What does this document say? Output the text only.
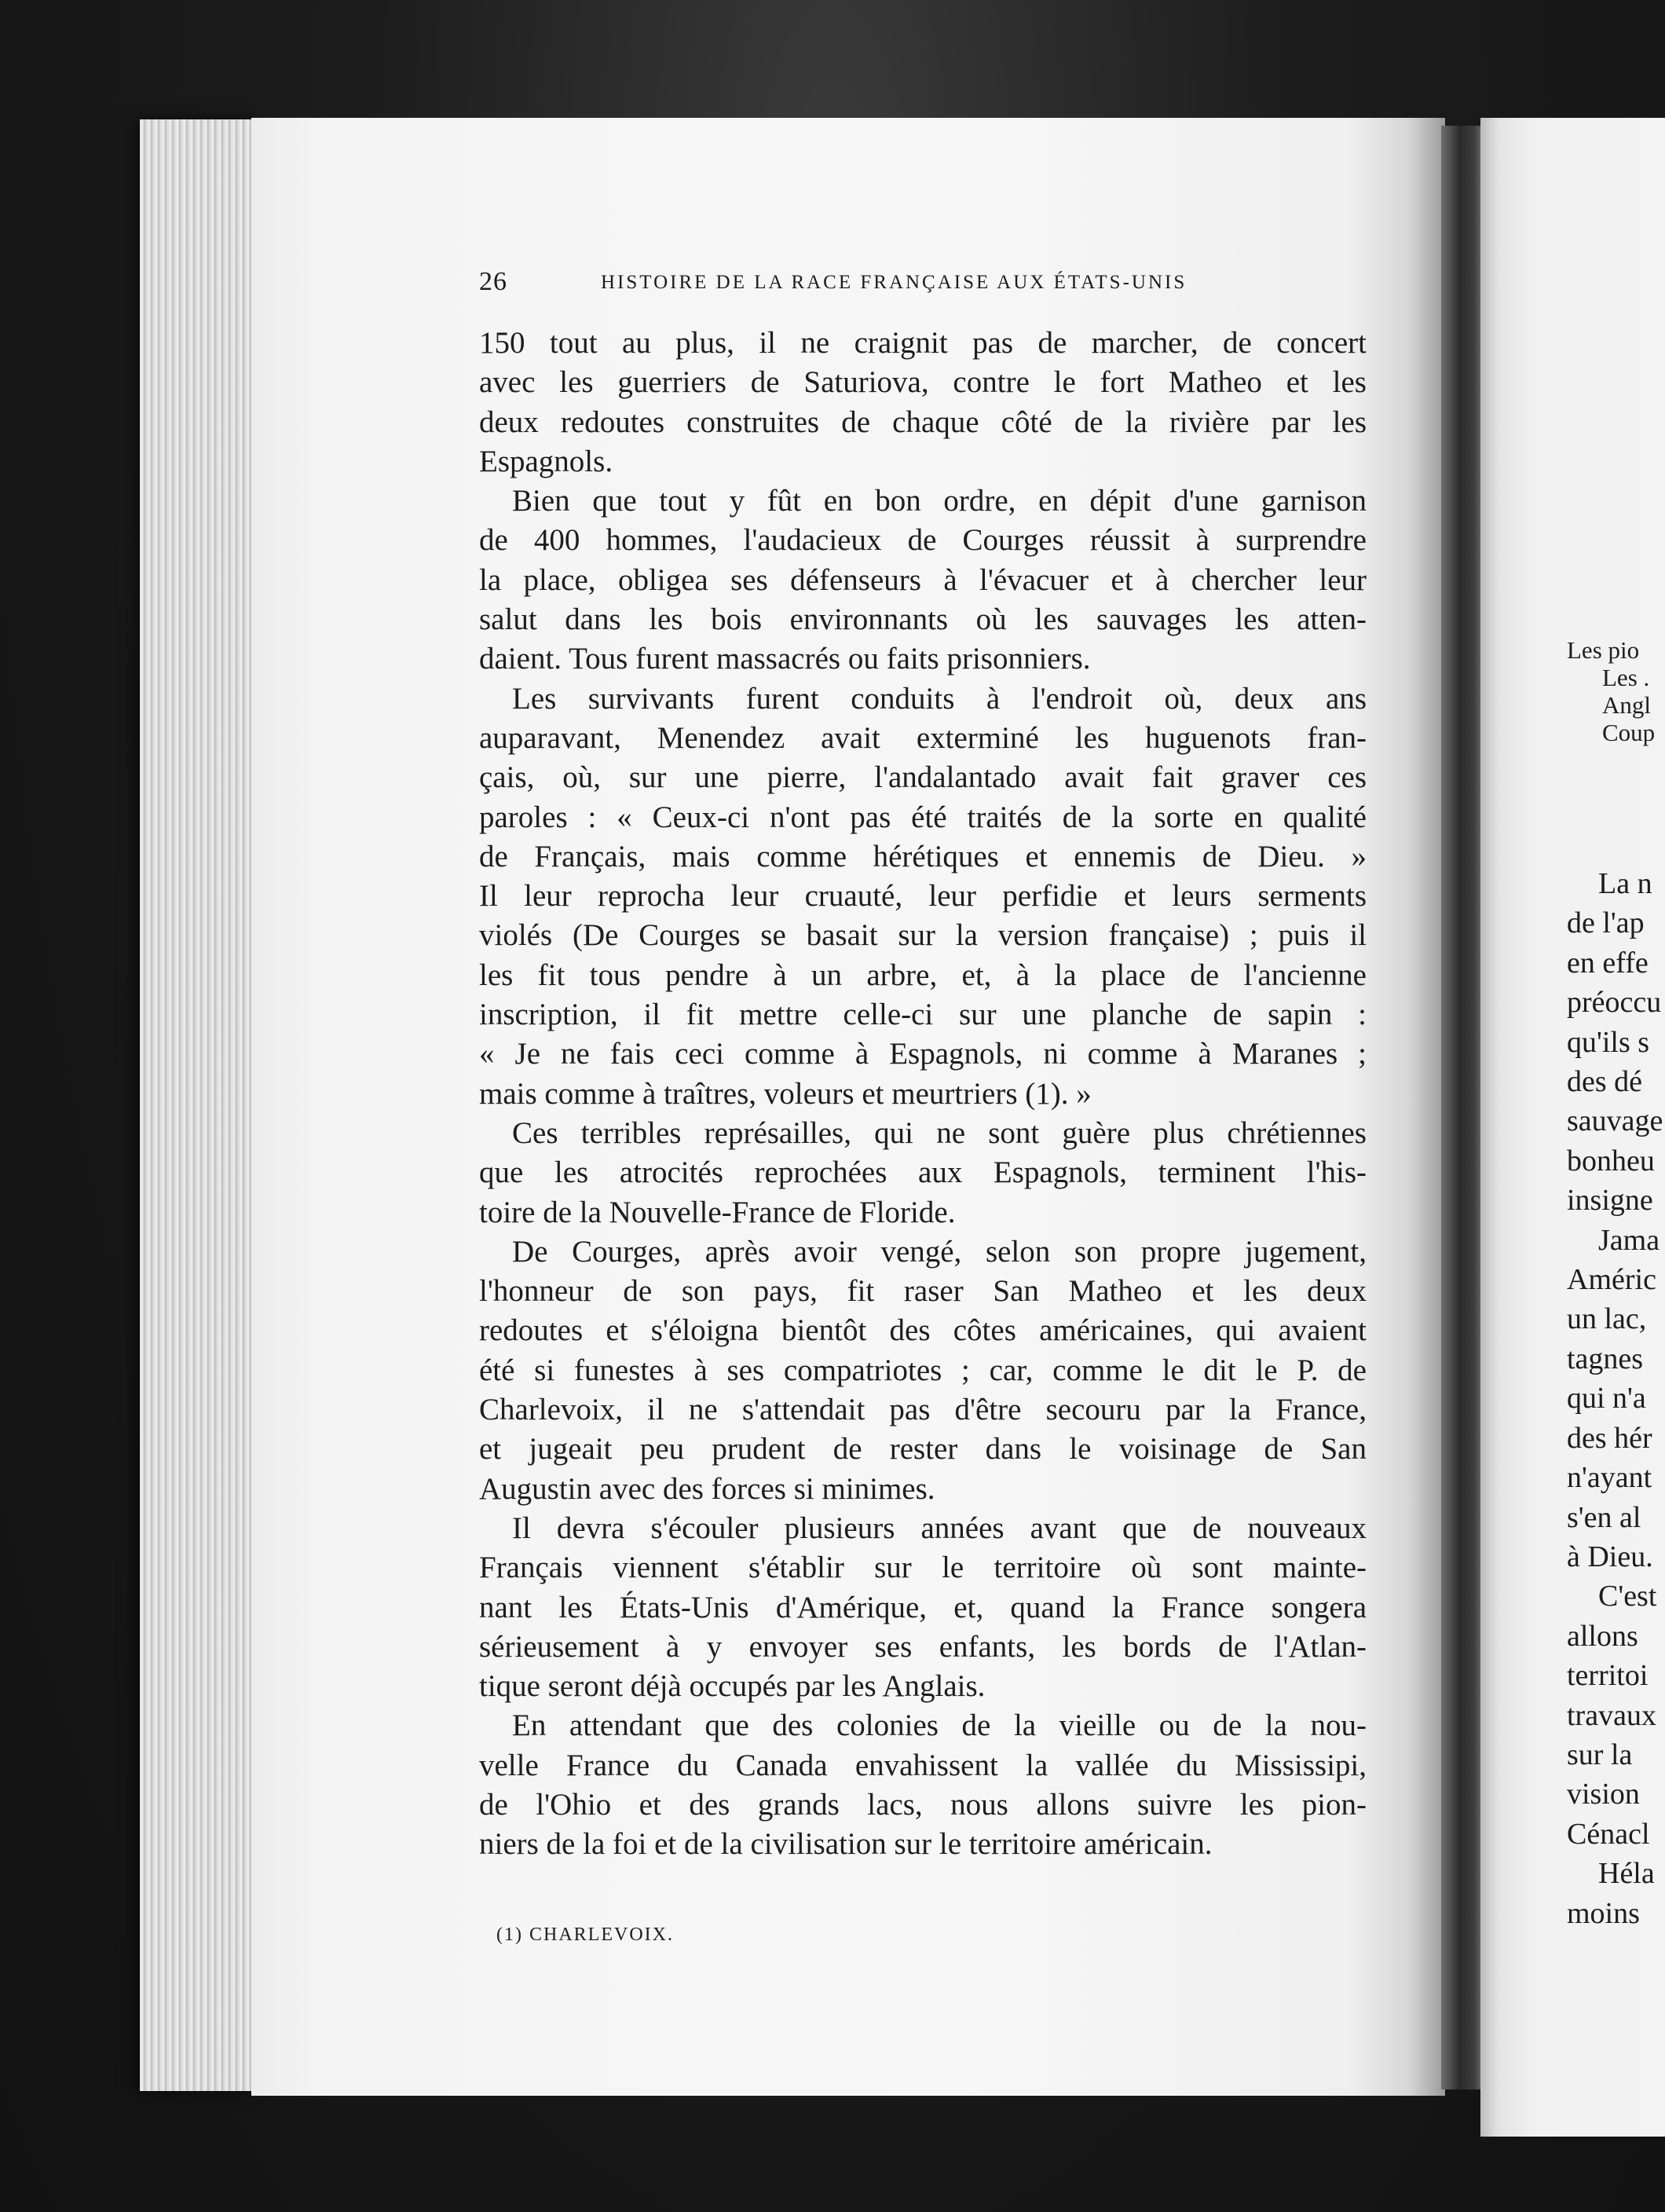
Les pio
Les .
Angl
Coup
La n
de l'ap
en effe
préoccu
qu'ils s
des dé
sauvage
bonheu
insigne
Jama
Améric
un lac,
tagnes
qui n'a
des hér
n'ayant
s'en al
à Dieu.
C'est
allons
territoi
travaux
sur la
vision
Cénacl
Héla
moins
26	HISTOIRE DE LA RACE FRANÇAISE AUX ÉTATS-UNIS
150 tout au plus, il ne craignit pas de marcher, de concert
avec les guerriers de Saturiova, contre le fort Matheo et les
deux redoutes construites de chaque côté de la rivière par les
Espagnols.
Bien que tout y fût en bon ordre, en dépit d'une garnison
de 400 hommes, l'audacieux de Courges réussit à surprendre
la place, obligea ses défenseurs à l'évacuer et à chercher leur
salut dans les bois environnants où les sauvages les atten-
daient. Tous furent massacrés ou faits prisonniers.
Les survivants furent conduits à l'endroit où, deux ans
auparavant, Menendez avait exterminé les huguenots fran-
çais, où, sur une pierre, l'andalantado avait fait graver ces
paroles : « Ceux-ci n'ont pas été traités de la sorte en qualité
de Français, mais comme hérétiques et ennemis de Dieu. »
Il leur reprocha leur cruauté, leur perfidie et leurs serments
violés (De Courges se basait sur la version française) ; puis il
les fit tous pendre à un arbre, et, à la place de l'ancienne
inscription, il fit mettre celle-ci sur une planche de sapin :
« Je ne fais ceci comme à Espagnols, ni comme à Maranes ;
mais comme à traîtres, voleurs et meurtriers (1). »
Ces terribles représailles, qui ne sont guère plus chrétiennes
que les atrocités reprochées aux Espagnols, terminent l'his-
toire de la Nouvelle-France de Floride.
De Courges, après avoir vengé, selon son propre jugement,
l'honneur de son pays, fit raser San Matheo et les deux
redoutes et s'éloigna bientôt des côtes américaines, qui avaient
été si funestes à ses compatriotes ; car, comme le dit le P. de
Charlevoix, il ne s'attendait pas d'être secouru par la France,
et jugeait peu prudent de rester dans le voisinage de San
Augustin avec des forces si minimes.
Il devra s'écouler plusieurs années avant que de nouveaux
Français viennent s'établir sur le territoire où sont mainte-
nant les États-Unis d'Amérique, et, quand la France songera
sérieusement à y envoyer ses enfants, les bords de l'Atlan-
tique seront déjà occupés par les Anglais.
En attendant que des colonies de la vieille ou de la nou-
velle France du Canada envahissent la vallée du Mississipi,
de l'Ohio et des grands lacs, nous allons suivre les pion-
niers de la foi et de la civilisation sur le territoire américain.
(1) CHARLEVOIX.
